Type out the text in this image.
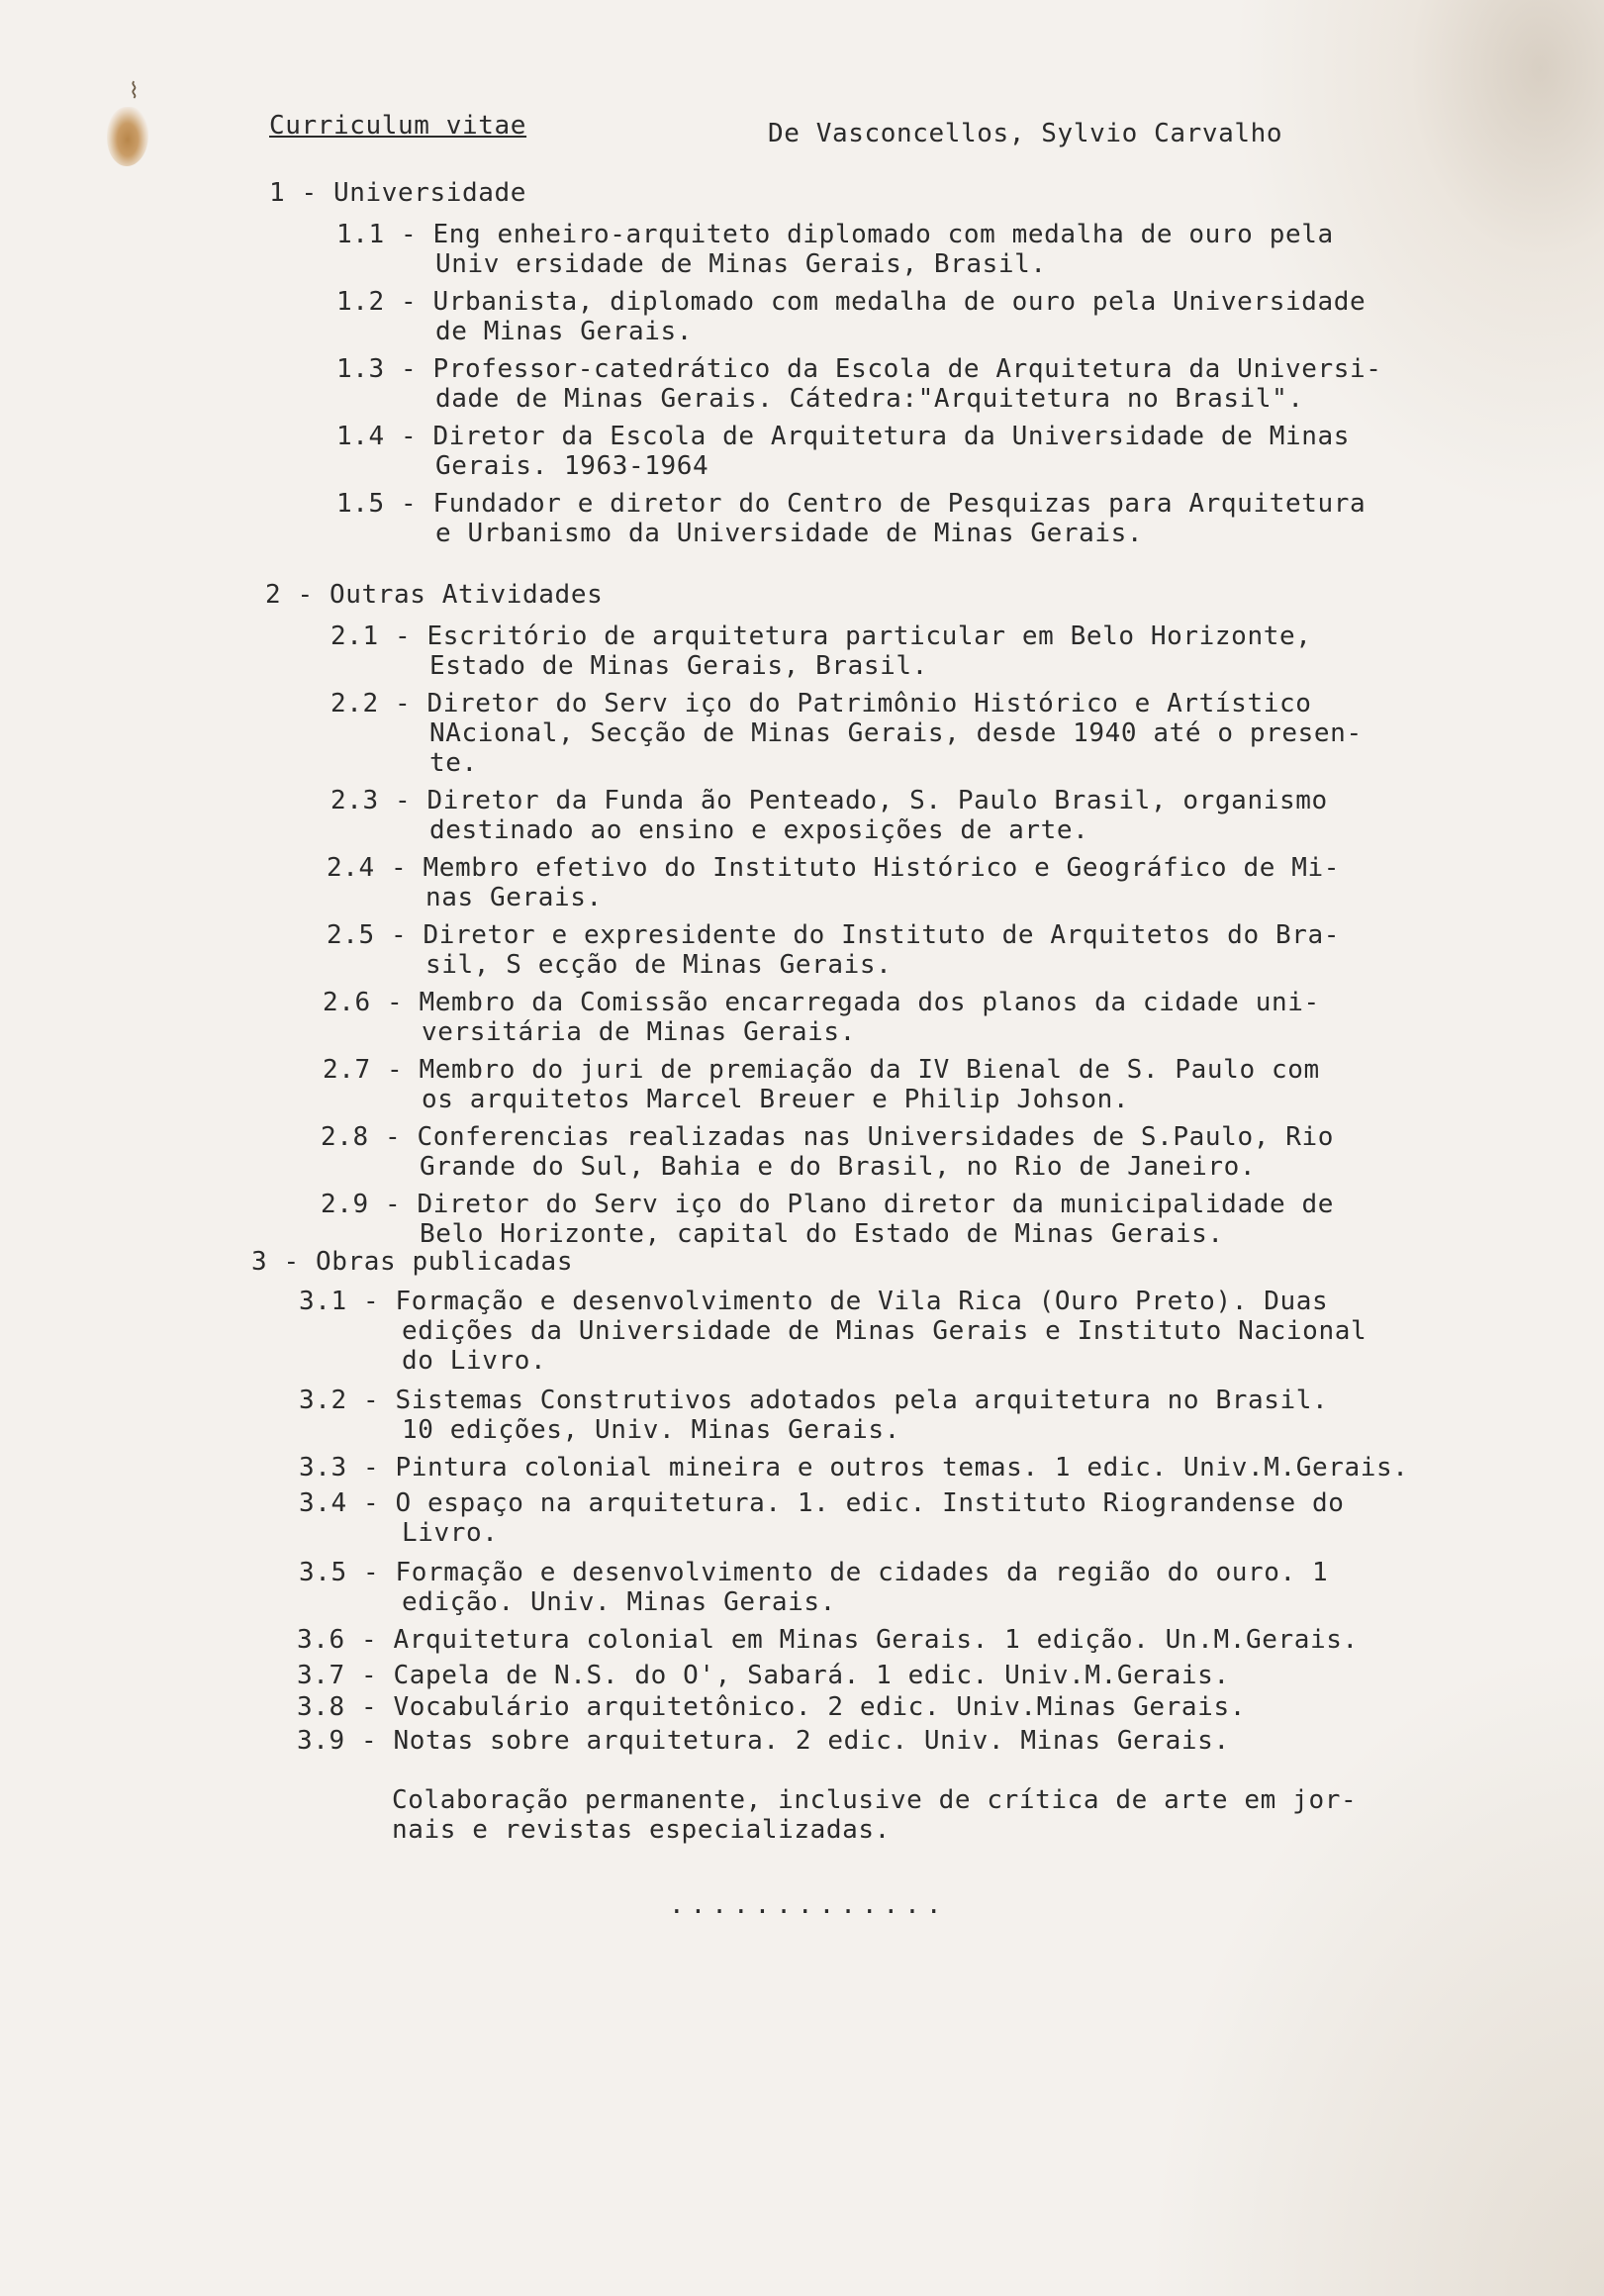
⌇
Curriculum vitae	De Vasconcellos, Sylvio Carvalho
1 - Universidade
1.1 - Eng enheiro-arquiteto diplomado com medalha de ouro pela
Univ ersidade de Minas Gerais, Brasil.
1.2 - Urbanista, diplomado com medalha de ouro pela Universidade
de Minas Gerais.
1.3 - Professor-catedrático da Escola de Arquitetura da Universi-
dade de Minas Gerais. Cátedra:"Arquitetura no Brasil".
1.4 - Diretor da Escola de Arquitetura da Universidade de Minas
Gerais. 1963-1964
1.5 - Fundador e diretor do Centro de Pesquizas para Arquitetura
e Urbanismo da Universidade de Minas Gerais.
2 - Outras Atividades
2.1 - Escritório de arquitetura particular em Belo Horizonte,
Estado de Minas Gerais, Brasil.
2.2 - Diretor do Serv iço do Patrimônio Histórico e Artístico
NAcional, Secção de Minas Gerais, desde 1940 até o presen-
te.
2.3 - Diretor da Funda ão Penteado, S. Paulo Brasil, organismo
destinado ao ensino e exposições de arte.
2.4 - Membro efetivo do Instituto Histórico e Geográfico de Mi-
nas Gerais.
2.5 - Diretor e expresidente do Instituto de Arquitetos do Bra-
sil, S ecção de Minas Gerais.
2.6 - Membro da Comissão encarregada dos planos da cidade uni-
versitária de Minas Gerais.
2.7 - Membro do juri de premiação da IV Bienal de S. Paulo com
os arquitetos Marcel Breuer e Philip Johson.
2.8 - Conferencias realizadas nas Universidades de S.Paulo, Rio
Grande do Sul, Bahia e do Brasil, no Rio de Janeiro.
2.9 - Diretor do Serv iço do Plano diretor da municipalidade de
Belo Horizonte, capital do Estado de Minas Gerais.
3 - Obras publicadas
3.1 - Formação e desenvolvimento de Vila Rica (Ouro Preto). Duas
edições da Universidade de Minas Gerais e Instituto Nacional
do Livro.
3.2 - Sistemas Construtivos adotados pela arquitetura no Brasil.
10 edições, Univ. Minas Gerais.
3.3 - Pintura colonial mineira e outros temas. 1 edic. Univ.M.Gerais.
3.4 - O espaço na arquitetura. 1. edic. Instituto Riograndense do
Livro.
3.5 - Formação e desenvolvimento de cidades da região do ouro. 1
edição. Univ. Minas Gerais.
3.6 - Arquitetura colonial em Minas Gerais. 1 edição. Un.M.Gerais.
3.7 - Capela de N.S. do O', Sabará. 1 edic. Univ.M.Gerais.
3.8 - Vocabulário arquitetônico. 2 edic. Univ.Minas Gerais.
3.9 - Notas sobre arquitetura. 2 edic. Univ. Minas Gerais.
Colaboração permanente, inclusive de crítica de arte em jor-
nais e revistas especializadas.
.............
